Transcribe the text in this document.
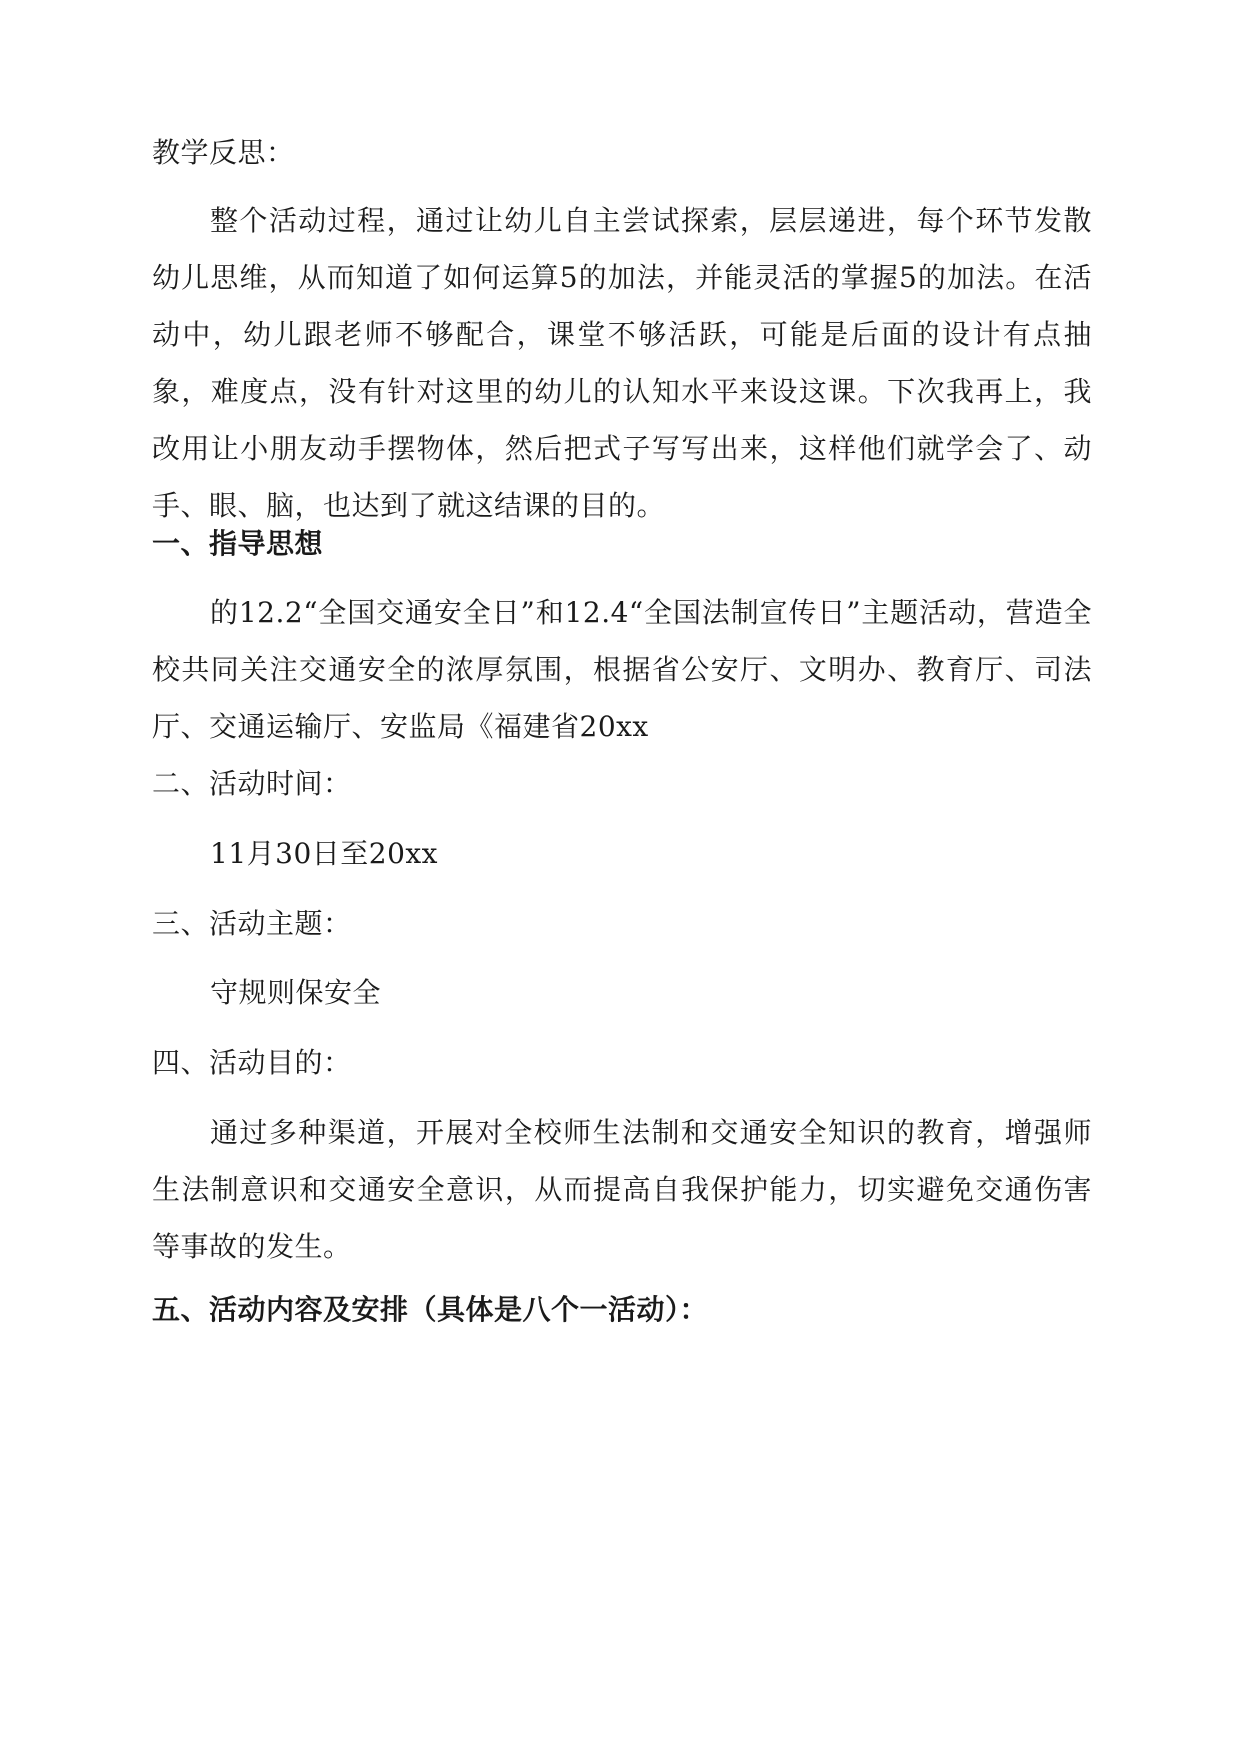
教学反思：
整个活动过程，通过让幼儿自主尝试探索，层层递进，每个环节发散幼儿思维，从而知道了如何运算5的加法，并能灵活的掌握5的加法。在活动中，幼儿跟老师不够配合，课堂不够活跃，可能是后面的设计有点抽象，难度点，没有针对这里的幼儿的认知水平来设这课。下次我再上，我改用让小朋友动手摆物体，然后把式子写写出来，这样他们就学会了、动手、眼、脑，也达到了就这结课的目的。
一、指导思想
的12.2“全国交通安全日”和12.4“全国法制宣传日”主题活动，营造全校共同关注交通安全的浓厚氛围，根据省公安厅、文明办、教育厅、司法厅、交通运输厅、安监局《福建省20xx
二、活动时间：
11月30日至20xx
三、活动主题：
守规则保安全
四、活动目的：
通过多种渠道，开展对全校师生法制和交通安全知识的教育，增强师生法制意识和交通安全意识，从而提高自我保护能力，切实避免交通伤害等事故的发生。
五、活动内容及安排（具体是八个一活动）：
